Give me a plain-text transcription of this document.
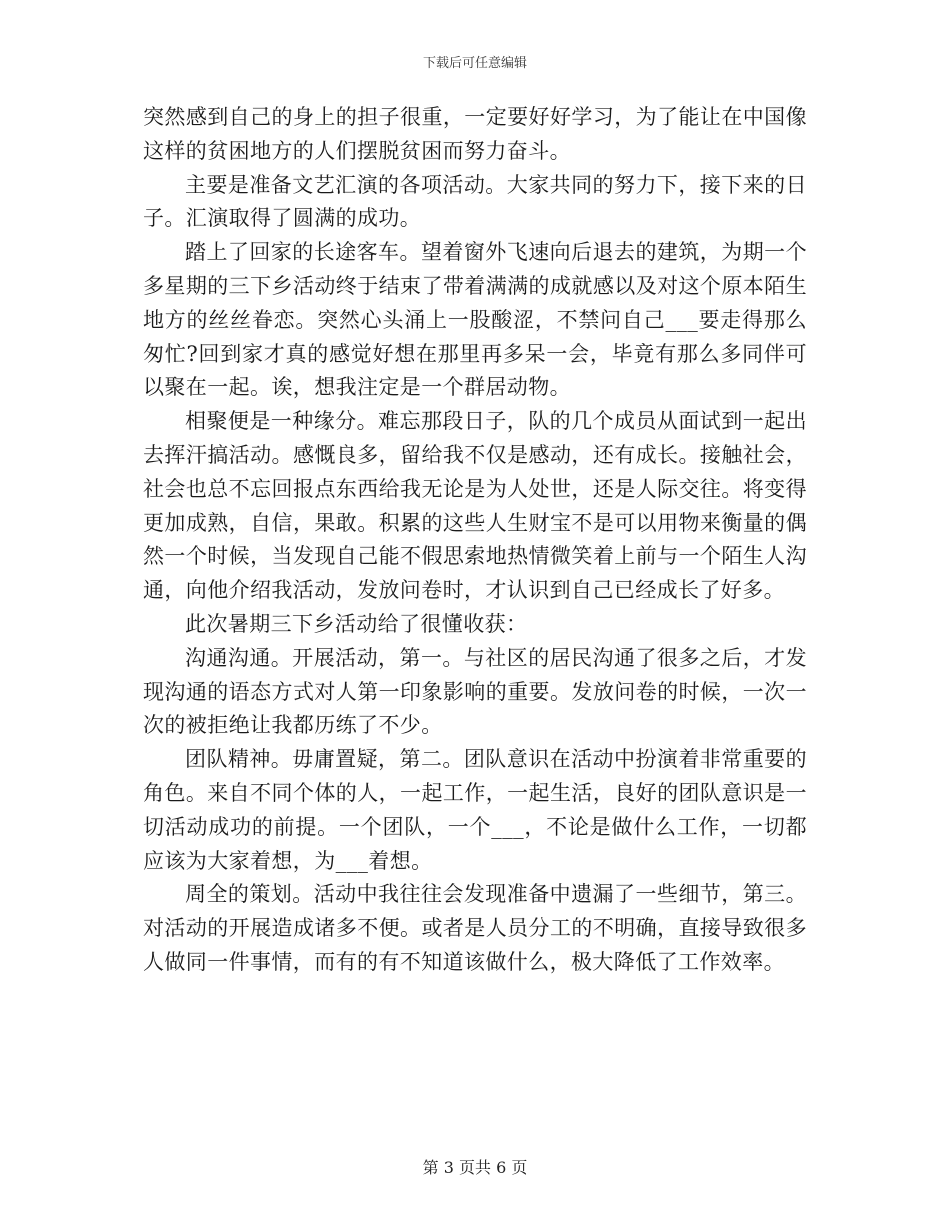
下载后可任意编辑

突然感到自己的身上的担子很重，一定要好好学习，为了能让在中国像这样的贫困地方的人们摆脱贫困而努力奋斗。

主要是准备文艺汇演的各项活动。大家共同的努力下，接下来的日子。汇演取得了圆满的成功。

踏上了回家的长途客车。望着窗外飞速向后退去的建筑，为期一个多星期的三下乡活动终于结束了带着满满的成就感以及对这个原本陌生地方的丝丝眷恋。突然心头涌上一股酸涩，不禁问自己___要走得那么匆忙?回到家才真的感觉好想在那里再多呆一会，毕竟有那么多同伴可以聚在一起。诶，想我注定是一个群居动物。

相聚便是一种缘分。难忘那段日子，队的几个成员从面试到一起出去挥汗搞活动。感慨良多，留给我不仅是感动，还有成长。接触社会，社会也总不忘回报点东西给我无论是为人处世，还是人际交往。将变得更加成熟，自信，果敢。积累的这些人生财宝不是可以用物来衡量的偶然一个时候，当发现自己能不假思索地热情微笑着上前与一个陌生人沟通，向他介绍我活动，发放问卷时，才认识到自己已经成长了好多。

此次暑期三下乡活动给了很懂收获：

沟通沟通。开展活动，第一。与社区的居民沟通了很多之后，才发现沟通的语态方式对人第一印象影响的重要。发放问卷的时候，一次一次的被拒绝让我都历练了不少。

团队精神。毋庸置疑，第二。团队意识在活动中扮演着非常重要的角色。来自不同个体的人，一起工作，一起生活，良好的团队意识是一切活动成功的前提。一个团队，一个___，不论是做什么工作，一切都应该为大家着想，为___着想。

周全的策划。活动中我往往会发现准备中遗漏了一些细节，第三。对活动的开展造成诸多不便。或者是人员分工的不明确，直接导致很多人做同一件事情，而有的有不知道该做什么，极大降低了工作效率。

第 3 页共 6 页
